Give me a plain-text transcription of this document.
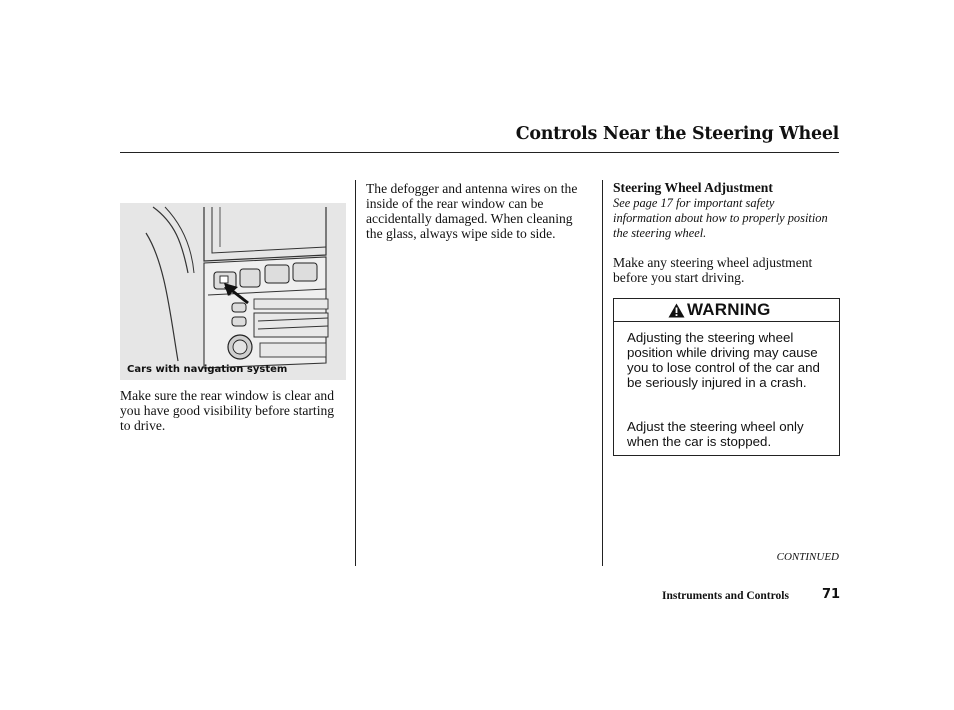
Controls Near the Steering Wheel
Cars with navigation system
Make sure the rear window is clear and you have good visibility before starting to drive.
The defogger and antenna wires on the inside of the rear window can be accidentally damaged. When cleaning the glass, always wipe side to side.
Steering Wheel Adjustment
See page 17 for important safety information about how to properly position the steering wheel.
Make any steering wheel adjustment before you start driving.
WARNING
Adjusting the steering wheel position while driving may cause you to lose control of the car and be seriously injured in a crash.
Adjust the steering wheel only when the car is stopped.
CONTINUED
Instruments and Controls	71
